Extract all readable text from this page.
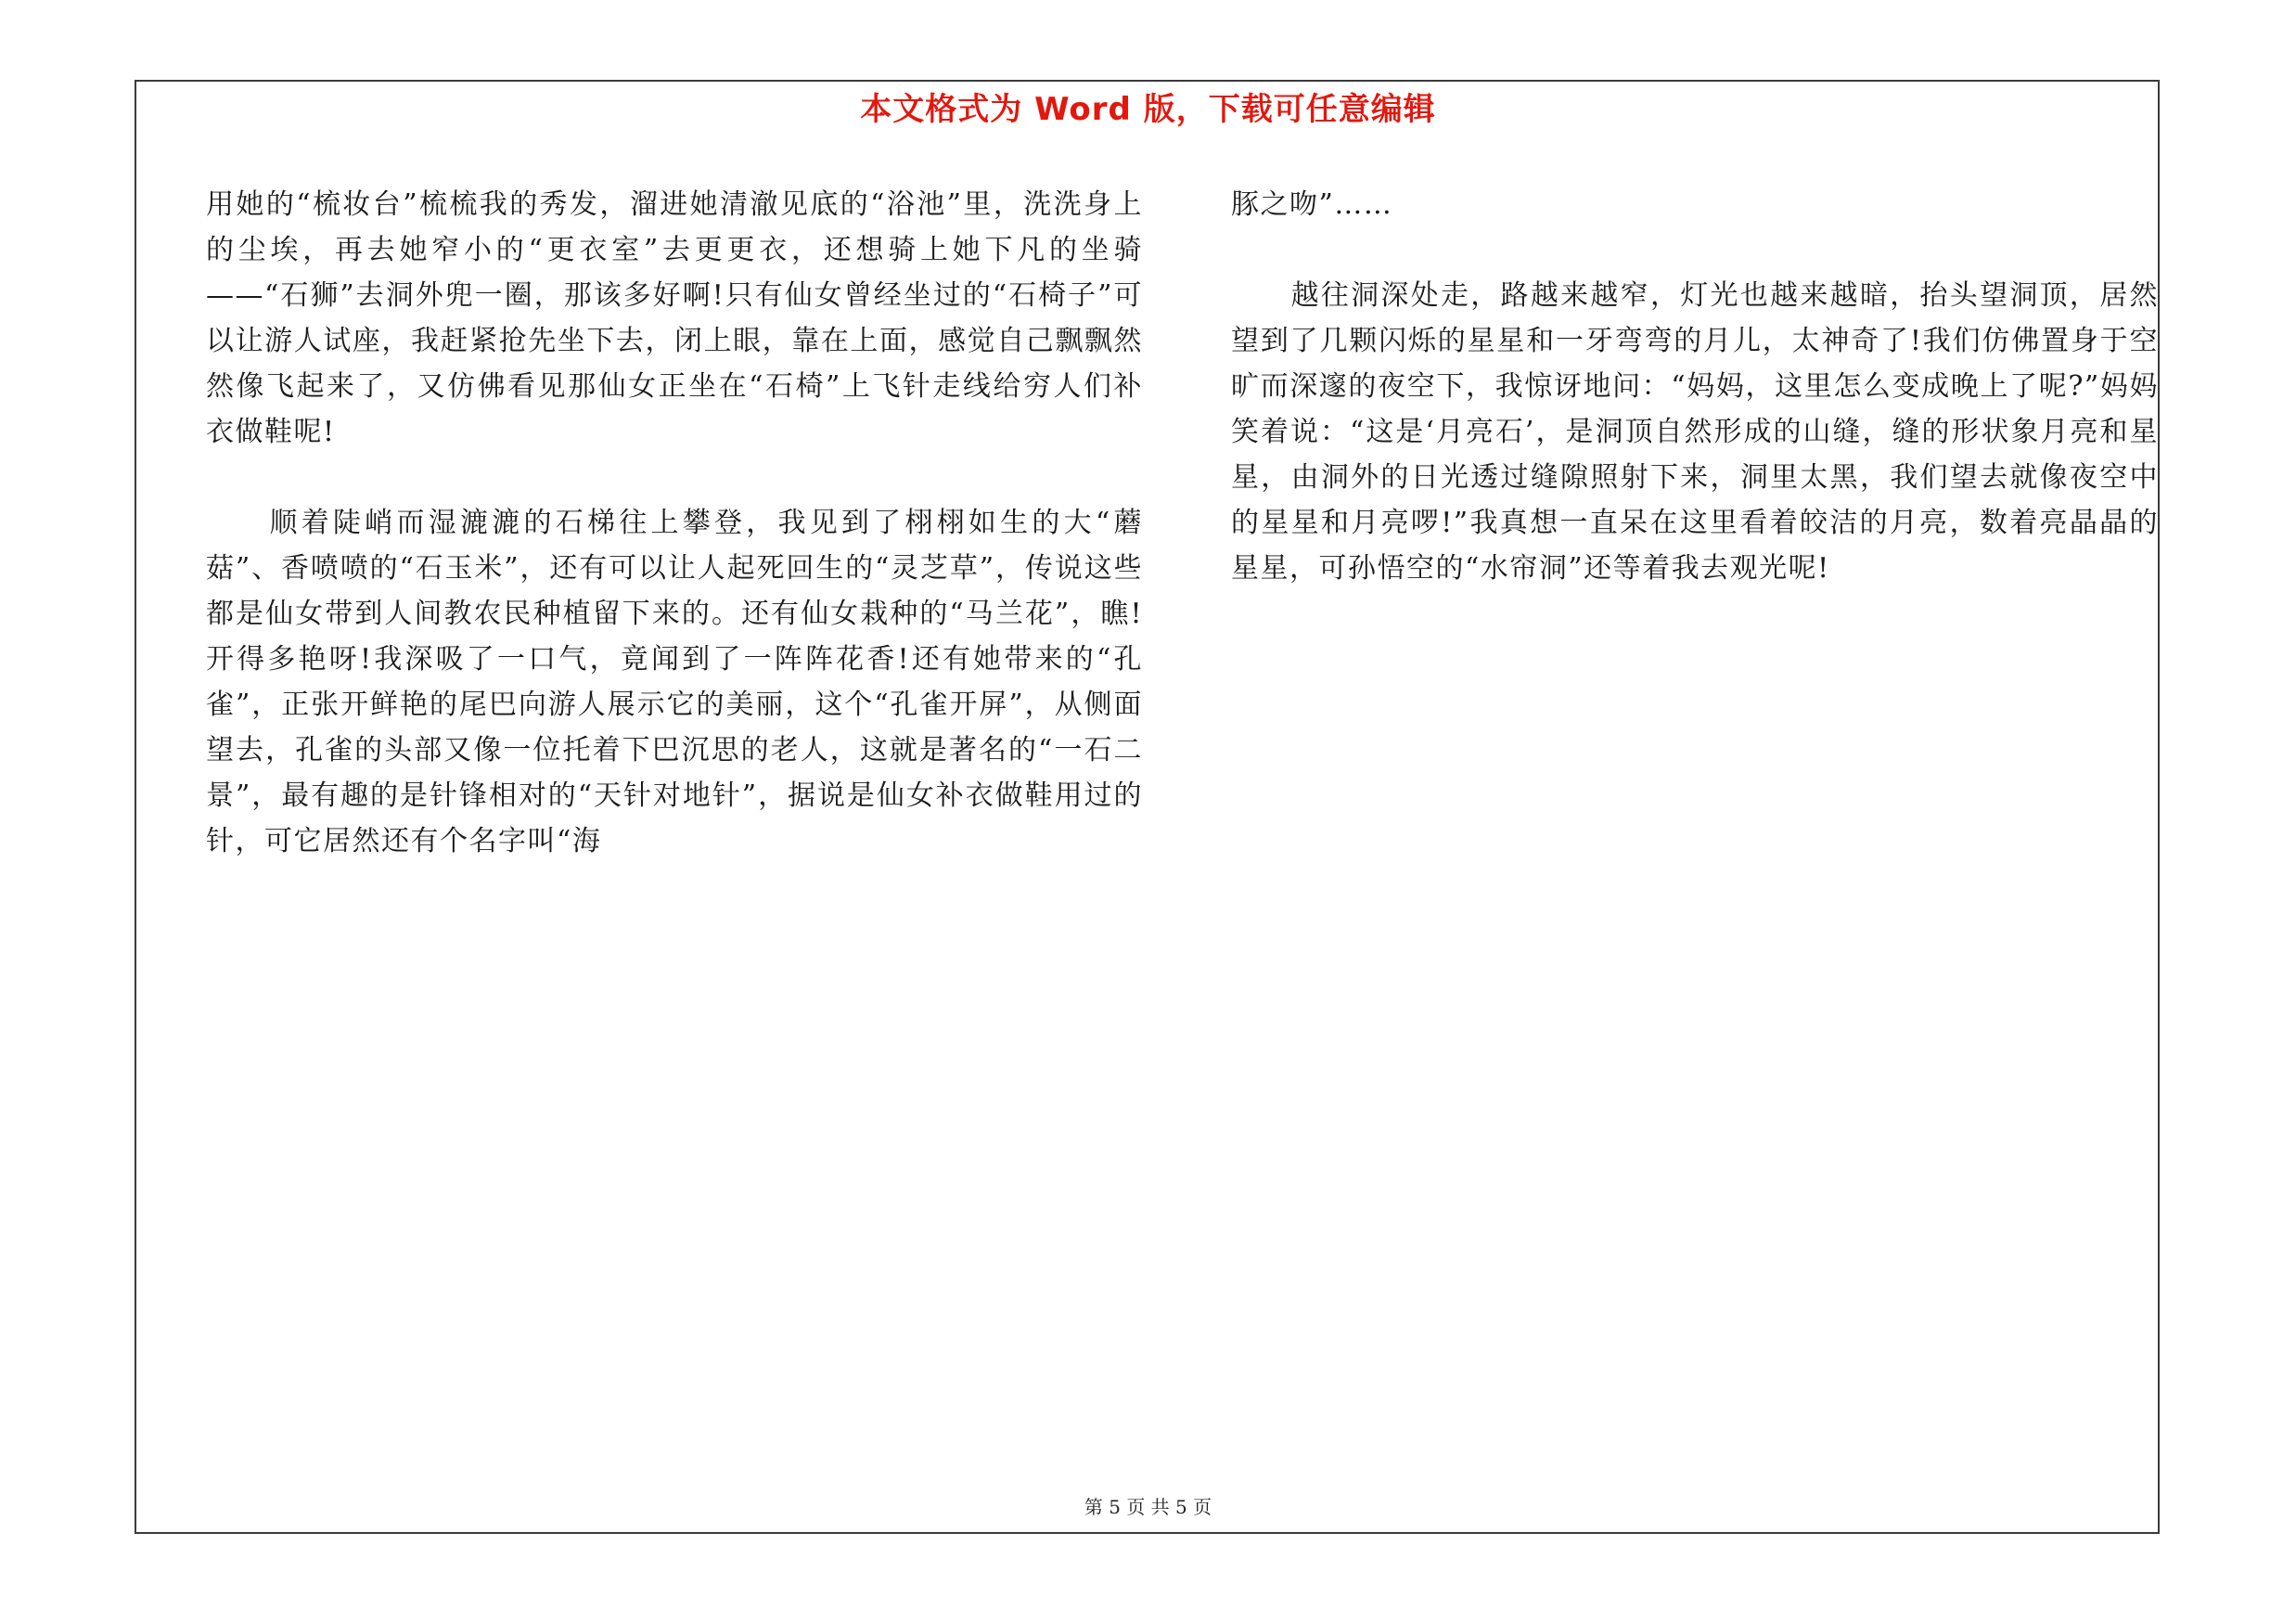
本文格式为 Word 版，下载可任意编辑

用她的“梳妆台”梳梳我的秀发，溜进她清澈见底的“浴池”里，洗洗身上的尘埃，再去她窄小的“更衣室”去更更衣，还想骑上她下凡的坐骑——“石狮”去洞外兜一圈，那该多好啊!只有仙女曾经坐过的“石椅子”可以让游人试座，我赶紧抢先坐下去，闭上眼，靠在上面，感觉自己飘飘然然像飞起来了，又仿佛看见那仙女正坐在“石椅”上飞针走线给穷人们补衣做鞋呢!

　　顺着陡峭而湿漉漉的石梯往上攀登，我见到了栩栩如生的大“蘑菇”、香喷喷的“石玉米”，还有可以让人起死回生的“灵芝草”，传说这些都是仙女带到人间教农民种植留下来的。还有仙女栽种的“马兰花”，瞧!开得多艳呀!我深吸了一口气，竟闻到了一阵阵花香!还有她带来的“孔雀”，正张开鲜艳的尾巴向游人展示它的美丽，这个“孔雀开屏”，从侧面望去，孔雀的头部又像一位托着下巴沉思的老人，这就是著名的“一石二景”，最有趣的是针锋相对的“天针对地针”，据说是仙女补衣做鞋用过的针，可它居然还有个名字叫“海

豚之吻”……

　　越往洞深处走，路越来越窄，灯光也越来越暗，抬头望洞顶，居然望到了几颗闪烁的星星和一牙弯弯的月儿，太神奇了!我们仿佛置身于空旷而深邃的夜空下，我惊讶地问：“妈妈，这里怎么变成晚上了呢?”妈妈笑着说：“这是‘月亮石’，是洞顶自然形成的山缝，缝的形状象月亮和星星，由洞外的日光透过缝隙照射下来，洞里太黑，我们望去就像夜空中的星星和月亮啰!”我真想一直呆在这里看着皎洁的月亮，数着亮晶晶的星星，可孙悟空的“水帘洞”还等着我去观光呢!

第 5 页 共 5 页
